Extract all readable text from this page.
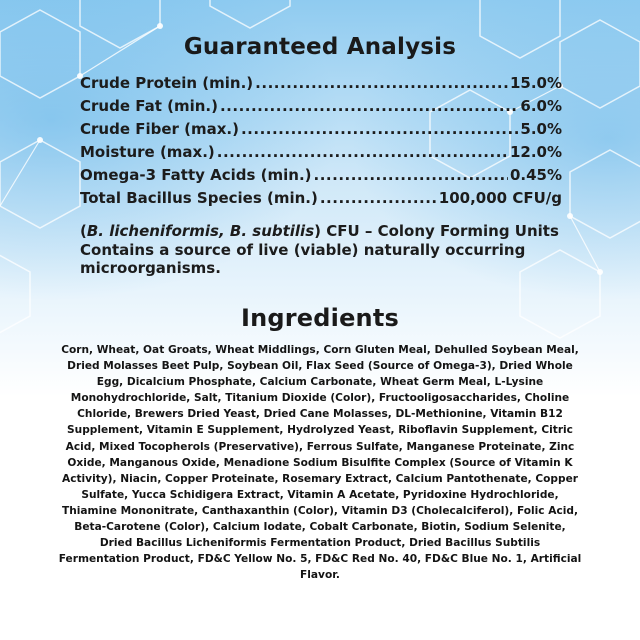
Guaranteed Analysis
Crude Protein (min.) .....	15.0%
Crude Fat (min.) .....	6.0%
Crude Fiber (max.) .....	5.0%
Moisture (max.) .....	12.0%
Omega-3 Fatty Acids (min.) .....	0.45%
Total Bacillus Species (min.) .....	100,000 CFU/g
(B. licheniformis, B. subtilis) CFU – Colony Forming Units
Contains a source of live (viable) naturally occurring microorganisms.
Ingredients
Corn, Wheat, Oat Groats, Wheat Middlings, Corn Gluten Meal, Dehulled Soybean Meal, Dried Molasses Beet Pulp, Soybean Oil, Flax Seed (Source of Omega-3), Dried Whole Egg, Dicalcium Phosphate, Calcium Carbonate, Wheat Germ Meal, L-Lysine Monohydrochloride, Salt, Titanium Dioxide (Color), Fructooligosaccharides, Choline Chloride, Brewers Dried Yeast, Dried Cane Molasses, DL-Methionine, Vitamin B12 Supplement, Vitamin E Supplement, Hydrolyzed Yeast, Riboflavin Supplement, Citric Acid, Mixed Tocopherols (Preservative), Ferrous Sulfate, Manganese Proteinate, Zinc Oxide, Manganous Oxide, Menadione Sodium Bisulfite Complex (Source of Vitamin K Activity), Niacin, Copper Proteinate, Rosemary Extract, Calcium Pantothenate, Copper Sulfate, Yucca Schidigera Extract, Vitamin A Acetate, Pyridoxine Hydrochloride, Thiamine Mononitrate, Canthaxanthin (Color), Vitamin D3 (Cholecalciferol), Folic Acid, Beta-Carotene (Color), Calcium Iodate, Cobalt Carbonate, Biotin, Sodium Selenite, Dried Bacillus Licheniformis Fermentation Product, Dried Bacillus Subtilis Fermentation Product, FD&C Yellow No. 5, FD&C Red No. 40, FD&C Blue No. 1, Artificial Flavor.
